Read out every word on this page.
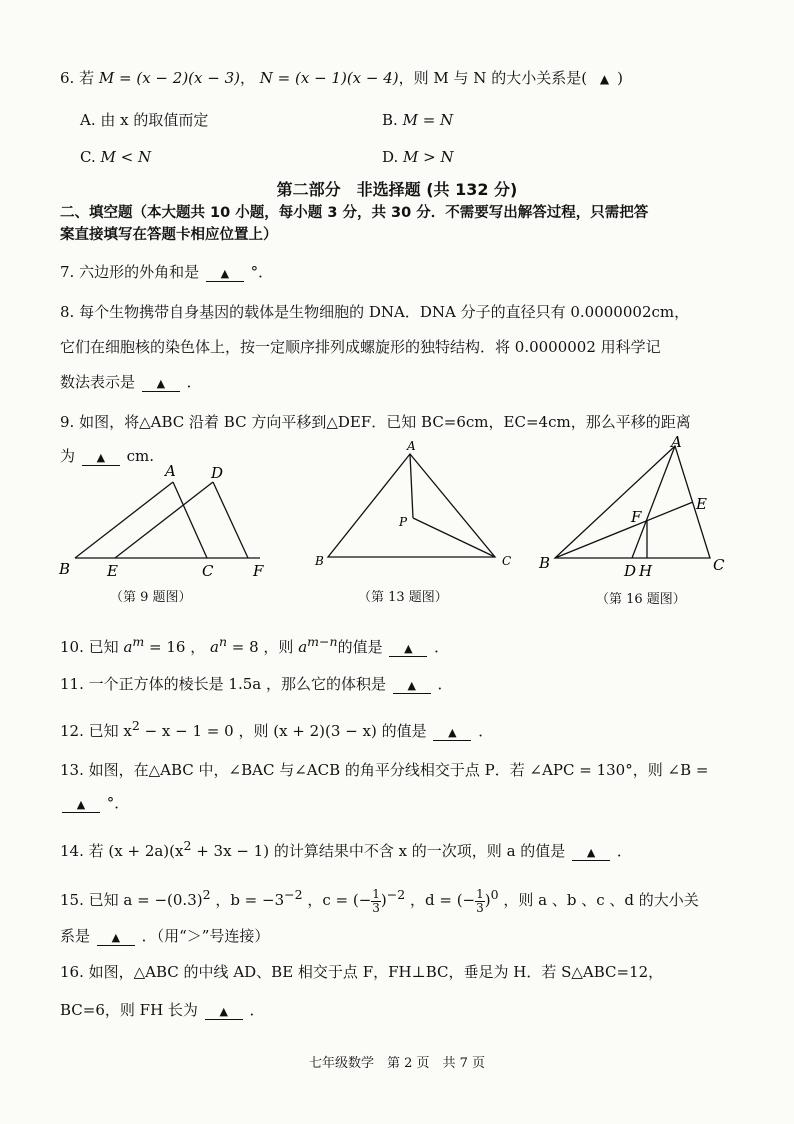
6. 若 M = (x − 2)(x − 3)， N = (x − 1)(x − 4)，则 M 与 N 的大小关系是( ▲ )
A. 由 x 的取值而定	B. M = N
C. M < N	D. M > N
第二部分　非选择题 (共 132 分)
二、填空题（本大题共 10 小题，每小题 3 分，共 30 分．不需要写出解答过程，只需把答
案直接填写在答题卡相应位置上）
7. 六边形的外角和是 ▲ °．
8. 每个生物携带自身基因的载体是生物细胞的 DNA．DNA 分子的直径只有 0.0000002cm，
它们在细胞核的染色体上，按一定顺序排列成螺旋形的独特结构．将 0.0000002 用科学记
数法表示是 ▲ ．
9. 如图，将△ABC 沿着 BC 方向平移到△DEF．已知 BC=6cm，EC=4cm，那么平移的距离
为 ▲ cm.
A D
B E	C	F
（第 9 题图）
A
B	C
P
（第 13 题图）
A
B	C
E
F
D H
（第 16 题图）
10. 已知 $a^m = 16$ ， $a^n = 8$ ，则 $a^{m-n}$的值是 ▲ ．
11. 一个正方体的棱长是 1.5a ，那么它的体积是 ▲ ．
12. 已知 $x^2 - x - 1 = 0$ ，则 (x + 2)(3 − x) 的值是 ▲ ．
13. 如图，在△ABC 中，∠BAC 与∠ACB 的角平分线相交于点 P．若 ∠APC = 130°，则 ∠B =
▲ °．
14. 若 $(x + 2a)(x^2 + 3x - 1)$ 的计算结果中不含 x 的一次项，则 a 的值是 ▲ ．
15. 已知 $a = -(0.3)^2$ ，$b = -3^{-2}$ ，c = (− $\frac{1}{3} )^{-2}$ ，d = (− $\frac{1}{3} )^0$ ，则 a 、b 、c 、d 的大小关
系是 ▲ ．（用“＞”号连接）
16. 如图，△ABC 的中线 AD、BE 相交于点 F，FH⊥BC，垂足为 H．若 S△ABC=12，
BC=6，则 FH 长为 ▲ ．
七年级数学　第 2 页　共 7 页
